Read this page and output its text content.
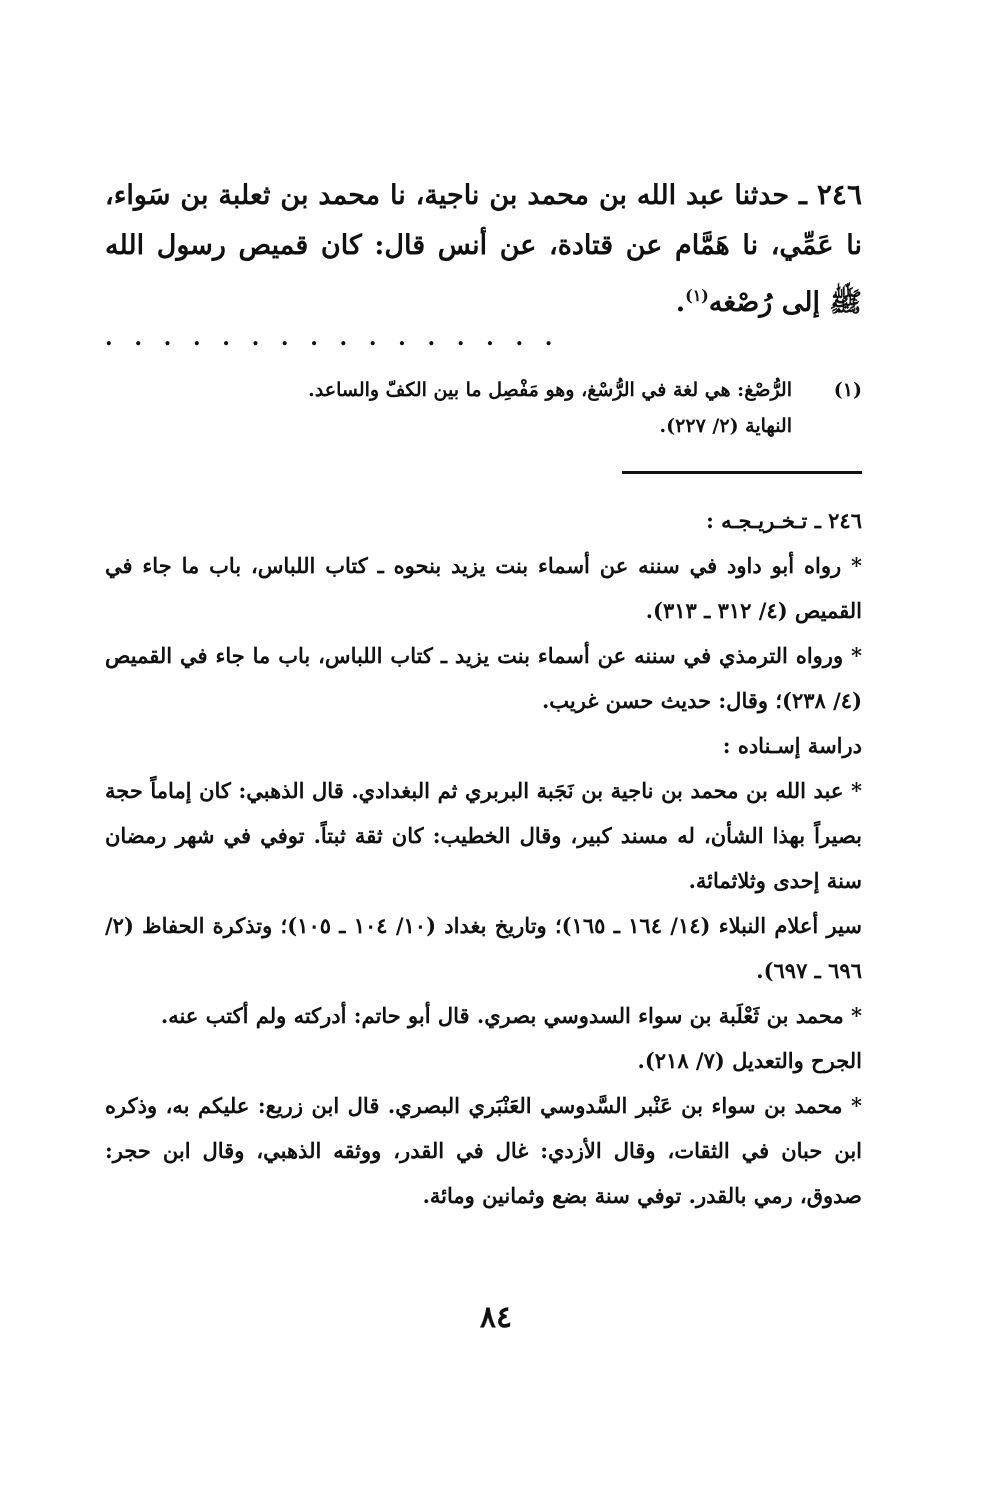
٢٤٦ ـ حدثنا عبد الله بن محمد بن ناجية، نا محمد بن ثعلبة بن سَواء، نا عَمِّي، نا هَمَّام عن قتادة، عن أنس قال: كان قميص رسول الله ﷺ إلى رُصْغه$^{(١)}$.
. . . . . . . . . . . . . . . .
(١)
الرُّصْغ: هي لغة في الرُّسْغ، وهو مَفْصِل ما بين الكفّ والساعد.
النهاية (٢/ ٢٢٧).

٢٤٦ ـ تـخـريـجـه :

* رواه أبو داود في سننه عن أسماء بنت يزيد بنحوه ـ كتاب اللباس، باب ما جاء في القميص (٤/ ٣١٢ ـ ٣١٣).

* ورواه الترمذي في سننه عن أسماء بنت يزيد ـ كتاب اللباس، باب ما جاء في القميص (٤/ ٢٣٨)؛ وقال: حديث حسن غريب.

دراسة إسـناده :

* عبد الله بن محمد بن ناجية بن نَجَبة البربري ثم البغدادي. قال الذهبي: كان إماماً حجة بصيراً بهذا الشأن، له مسند كبير، وقال الخطيب: كان ثقة ثبتاً. توفي في شهر رمضان سنة إحدى وثلاثمائة.

سير أعلام النبلاء (١٤/ ١٦٤ ـ ١٦٥)؛ وتاريخ بغداد (١٠/ ١٠٤ ـ ١٠٥)؛ وتذكرة الحفاظ (٢/ ٦٩٦ ـ ٦٩٧).

* محمد بن ثَعْلَبة بن سواء السدوسي بصري. قال أبو حاتم: أدركته ولم أكتب عنه.

الجرح والتعديل (٧/ ٢١٨).

* محمد بن سواء بن عَنْبر السَّدوسي العَنْبَري البصري. قال ابن زريع: عليكم به، وذكره ابن حبان في الثقات، وقال الأزدي: غال في القدر، ووثقه الذهبي، وقال ابن حجر: صدوق، رمي بالقدر. توفي سنة بضع وثمانين ومائة.

٨٤
